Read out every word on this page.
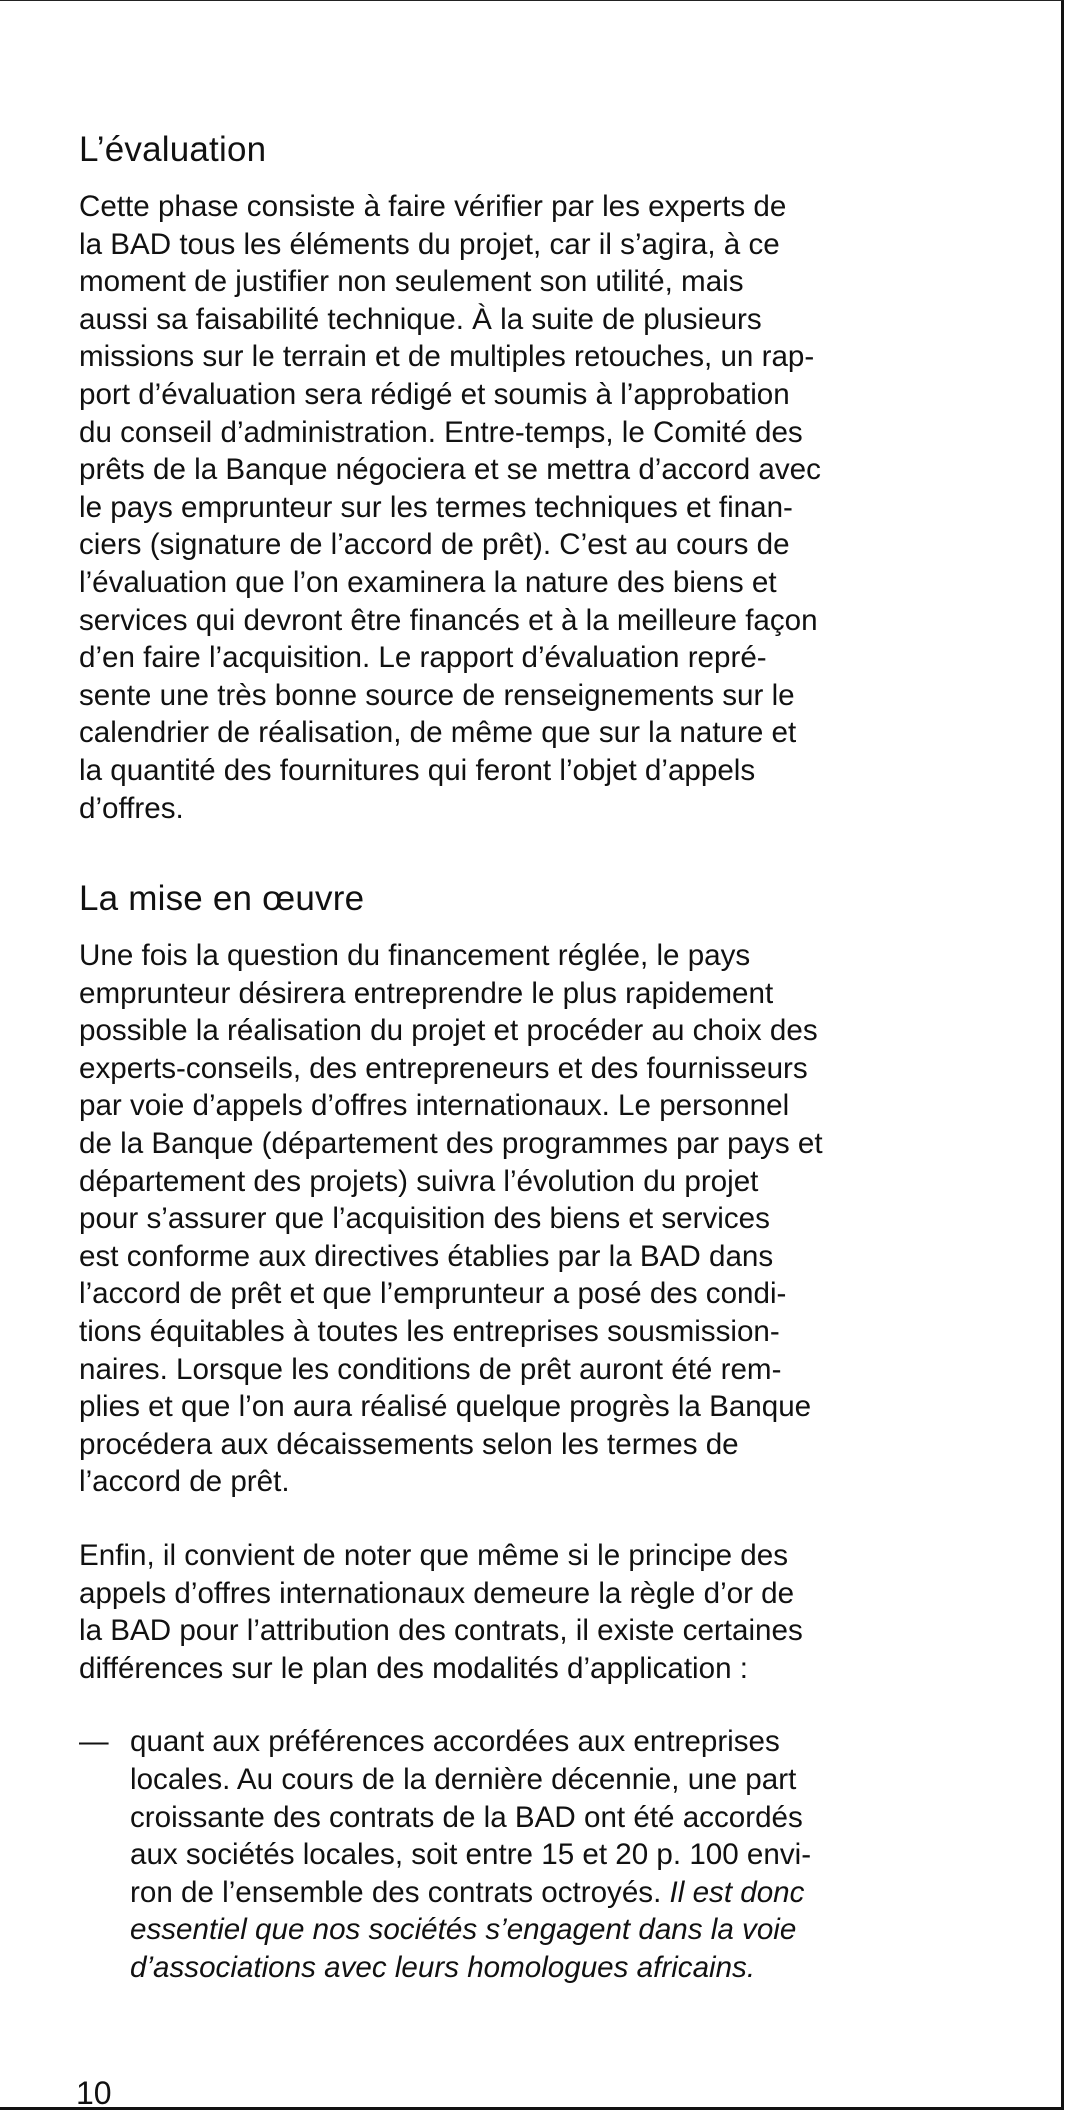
L’évaluation

Cette phase consiste à faire vérifier par les experts de
la BAD tous les éléments du projet, car il s’agira, à ce
moment de justifier non seulement son utilité, mais
aussi sa faisabilité technique. À la suite de plusieurs
missions sur le terrain et de multiples retouches, un rap-
port d’évaluation sera rédigé et soumis à l’approbation
du conseil d’administration. Entre-temps, le Comité des
prêts de la Banque négociera et se mettra d’accord avec
le pays emprunteur sur les termes techniques et finan-
ciers (signature de l’accord de prêt). C’est au cours de
l’évaluation que l’on examinera la nature des biens et
services qui devront être financés et à la meilleure façon
d’en faire l’acquisition. Le rapport d’évaluation repré-
sente une très bonne source de renseignements sur le
calendrier de réalisation, de même que sur la nature et
la quantité des fournitures qui feront l’objet d’appels
d’offres.

La mise en œuvre

Une fois la question du financement réglée, le pays
emprunteur désirera entreprendre le plus rapidement
possible la réalisation du projet et procéder au choix des
experts-conseils, des entrepreneurs et des fournisseurs
par voie d’appels d’offres internationaux. Le personnel
de la Banque (département des programmes par pays et
département des projets) suivra l’évolution du projet
pour s’assurer que l’acquisition des biens et services
est conforme aux directives établies par la BAD dans
l’accord de prêt et que l’emprunteur a posé des condi-
tions équitables à toutes les entreprises sousmission-
naires. Lorsque les conditions de prêt auront été rem-
plies et que l’on aura réalisé quelque progrès la Banque
procédera aux décaissements selon les termes de
l’accord de prêt.

Enfin, il convient de noter que même si le principe des
appels d’offres internationaux demeure la règle d’or de
la BAD pour l’attribution des contrats, il existe certaines
différences sur le plan des modalités d’application :

— quant aux préférences accordées aux entreprises
locales. Au cours de la dernière décennie, une part
croissante des contrats de la BAD ont été accordés
aux sociétés locales, soit entre 15 et 20 p. 100 envi-
ron de l’ensemble des contrats octroyés. Il est donc
essentiel que nos sociétés s’engagent dans la voie
d’associations avec leurs homologues africains.

10
